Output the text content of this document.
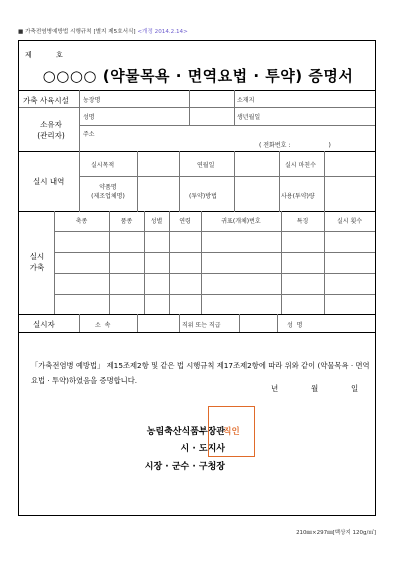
■ 가축전염병예방법 시행규칙 [별지 제5호서식] <개정 2014.2.14>
제 호
○○○○ (약물목욕 · 면역요법 · 투약) 증명서
가축 사육시설 농장명	소재지
소유자
(관리자)
성명	생년월일
주소
( 전화번호 :                    )
실시 내역
실시목적	연월일	실시 마친수
약품명
(제조업체명)	(투약)방법	사용(투약)량
실시
가축
축종	품종	성별	연령	귀표(개체)번호	특징	실시 횟수
실시자	소  속	직위 또는 직급	성  명
「가축전염병 예방법」 제15조제2항 및 같은 법 시행규칙 제17조제2항에 따라 위와 같이 (약물목욕 · 면역요법 · 투약)하였음을 증명합니다.
년	월	일
농림축산식품부장관
시 · 도지사
시장 · 군수 · 구청장
직인
210㎜×297㎜[백상지 120g/㎡]
